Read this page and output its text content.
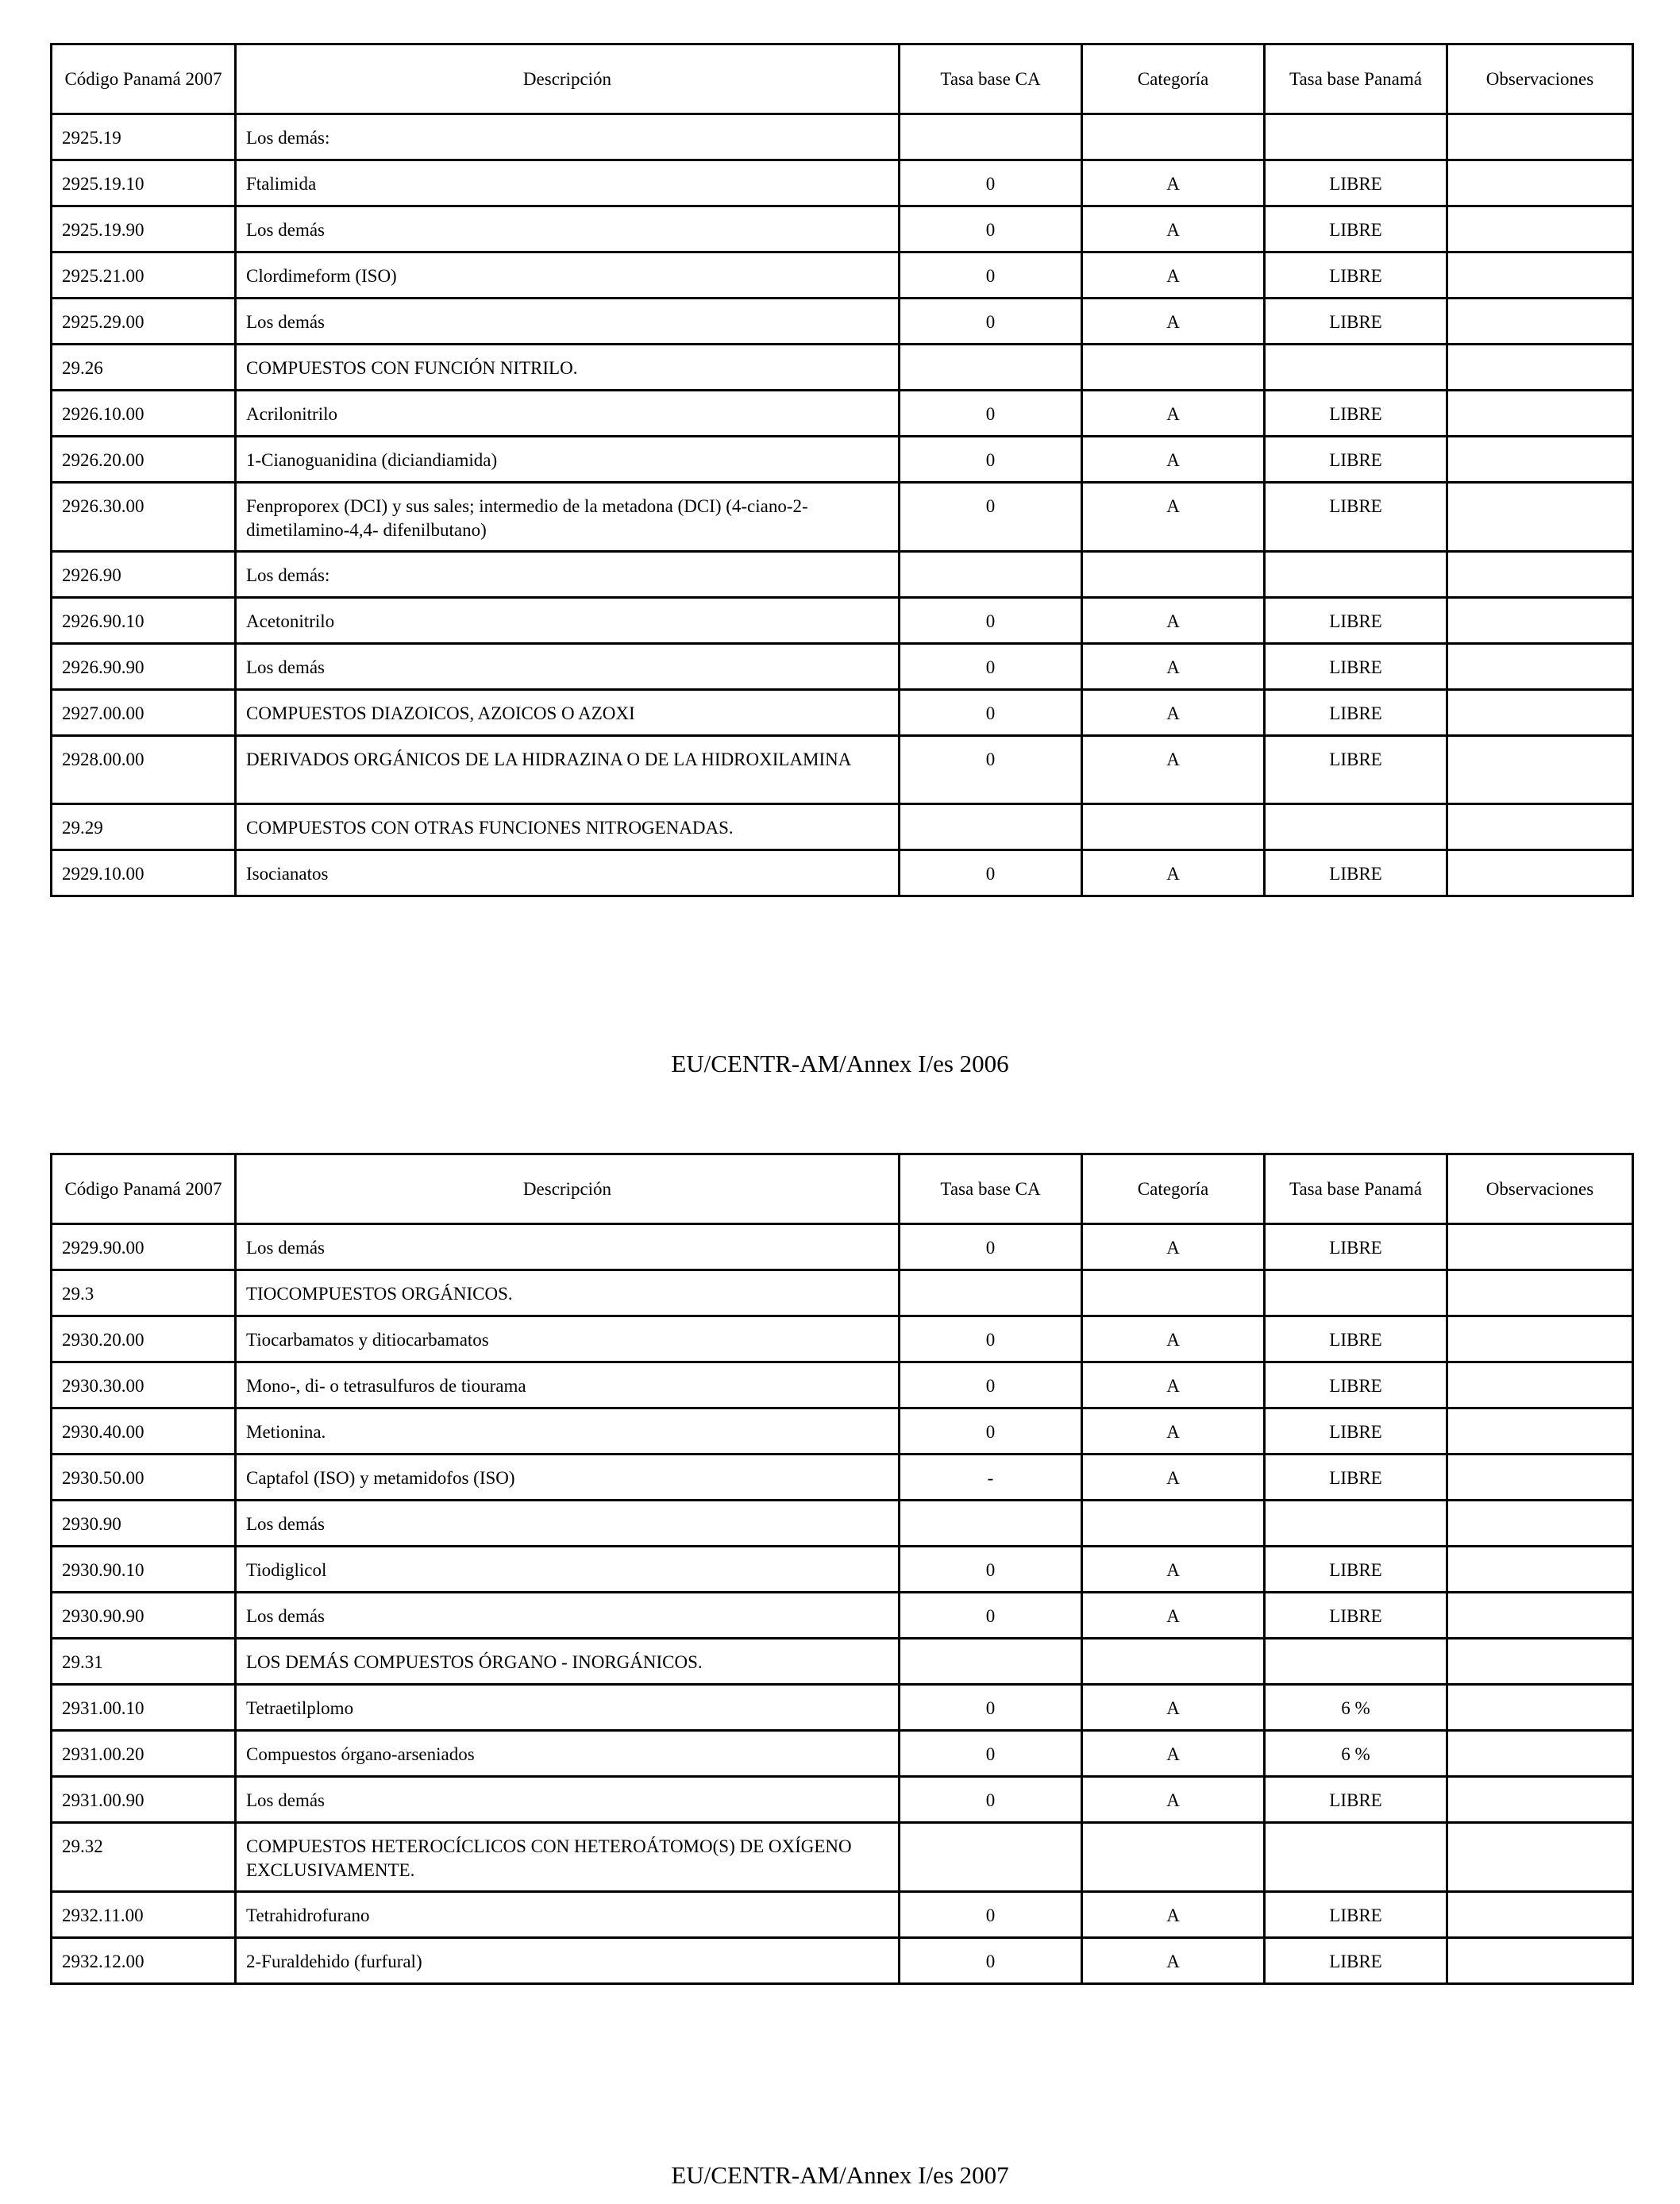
Código Panamá 2007	Descripción	Tasa base CA	Categoría	Tasa base Panamá	Observaciones
2925.19	Los demás:				
2925.19.10	Ftalimida	0	A	LIBRE	
2925.19.90	Los demás	0	A	LIBRE	
2925.21.00	Clordimeform (ISO)	0	A	LIBRE	
2925.29.00	Los demás	0	A	LIBRE	
29.26	COMPUESTOS CON FUNCIÓN NITRILO.				
2926.10.00	Acrilonitrilo	0	A	LIBRE	
2926.20.00	1-Cianoguanidina (diciandiamida)	0	A	LIBRE	
2926.30.00	Fenproporex (DCI) y sus sales; intermedio de la metadona (DCI) (4-ciano-2-dimetilamino-4,4- difenilbutano)	0	A	LIBRE	
2926.90	Los demás:				
2926.90.10	Acetonitrilo	0	A	LIBRE	
2926.90.90	Los demás	0	A	LIBRE	
2927.00.00	COMPUESTOS DIAZOICOS, AZOICOS O AZOXI	0	A	LIBRE	
2928.00.00	DERIVADOS ORGÁNICOS DE LA HIDRAZINA O DE LA HIDROXILAMINA	0	A	LIBRE	
29.29	COMPUESTOS CON OTRAS FUNCIONES NITROGENADAS.				
2929.10.00	Isocianatos	0	A	LIBRE	
EU/CENTR-AM/Annex I/es 2006
Código Panamá 2007	Descripción	Tasa base CA	Categoría	Tasa base Panamá	Observaciones
2929.90.00	Los demás	0	A	LIBRE	
29.3	TIOCOMPUESTOS ORGÁNICOS.				
2930.20.00	Tiocarbamatos y ditiocarbamatos	0	A	LIBRE	
2930.30.00	Mono-, di- o tetrasulfuros de tiourama	0	A	LIBRE	
2930.40.00	Metionina.	0	A	LIBRE	
2930.50.00	Captafol (ISO) y metamidofos (ISO)	-	A	LIBRE	
2930.90	Los demás				
2930.90.10	Tiodiglicol	0	A	LIBRE	
2930.90.90	Los demás	0	A	LIBRE	
29.31	LOS DEMÁS COMPUESTOS ÓRGANO - INORGÁNICOS.				
2931.00.10	Tetraetilplomo	0	A	6 %	
2931.00.20	Compuestos órgano-arseniados	0	A	6 %	
2931.00.90	Los demás	0	A	LIBRE	
29.32	COMPUESTOS HETEROCÍCLICOS CON HETEROÁTOMO(S) DE OXÍGENO EXCLUSIVAMENTE.				
2932.11.00	Tetrahidrofurano	0	A	LIBRE	
2932.12.00	2-Furaldehido (furfural)	0	A	LIBRE	
EU/CENTR-AM/Annex I/es 2007
